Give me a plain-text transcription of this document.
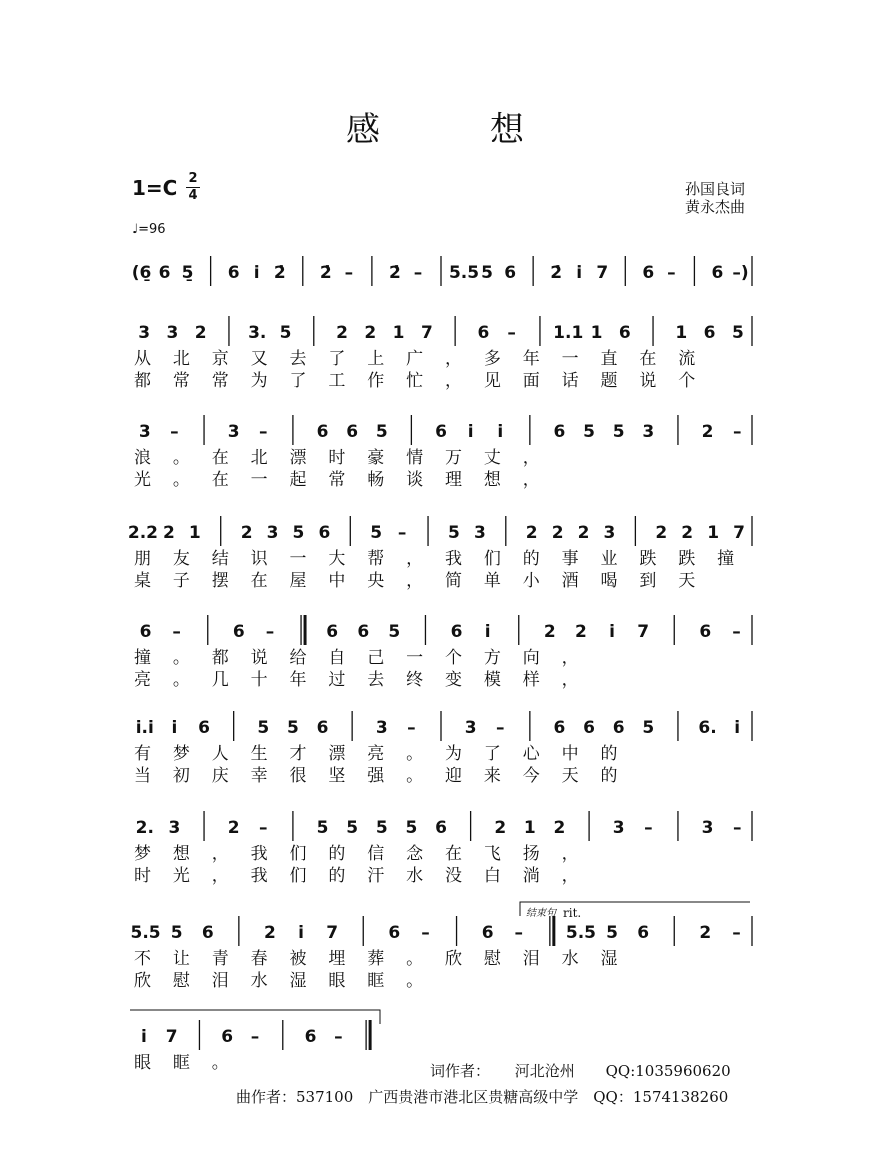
感想
1=C 2
4
♩=96
孙国良词
黄永杰曲
(6̱ 6 5̱ 6 i̇ 2̇ 2̇ – 2̇ – 5.5 5 6 2̇ i̇ 7 6 – 6 –)
3 3 2 3. 5	2 2 1 7	6 – 1.1 1 6	1 6 5
从 北 京 又 去 了 上 广 ， 多 年 一 直 在 流
都 常 常 为 了 工 作 忙 ， 见 面 话 题 说 个
3 –	3 –	6 6 5	6 i i	6 5 5 3	2 –
浪 。 在 北 漂 时 豪 情 万 丈 ，
光 。 在 一 起 常 畅 谈 理 想 ，
2.2 2 1 2 3 5 6 5 – 5 3 2 2 2 3 2 2 1 7
朋 友 结 识 一 大 帮 ， 我 们 的 事 业 跌 跌 撞
桌 子 摆 在 屋 中 央 ， 简 单 小 酒 喝 到 天
6 –	6 –	6 6 5	6 i	2 2 i 7	6 –
撞 。 都 说 给 自 己 一 个 方 向 ，
亮 。 几 十 年 过 去 终 变 模 样 ，
i.i i 6	5 5 6	3 –	3 –	6 6 6 5	6. i
有 梦 人 生 才 漂 亮 。 为 了 心 中 的
当 初 庆 幸 很 坚 强 。 迎 来 今 天 的
2. 3	2 –	5 5 5 5 6	2 1 2	3 –	3 –
梦 想 ， 我 们 的 信 念 在 飞 扬 ，
时 光 ， 我 们 的 汗 水 没 白 淌 ，
5.5 5 6	2 i 7	6 –	6 –	5.5 5 6	2 –
不 让 青 春 被 埋 葬 。 欣 慰 泪 水 湿
欣 慰 泪 水 湿 眼 眶 。
i 7	6 –	6 –
眼 眶 。
结束句 rit.
词作者： 河北沧州 QQ:1035960620
曲作者：537100　广西贵港市港北区贵糖高级中学　QQ：1574138260
